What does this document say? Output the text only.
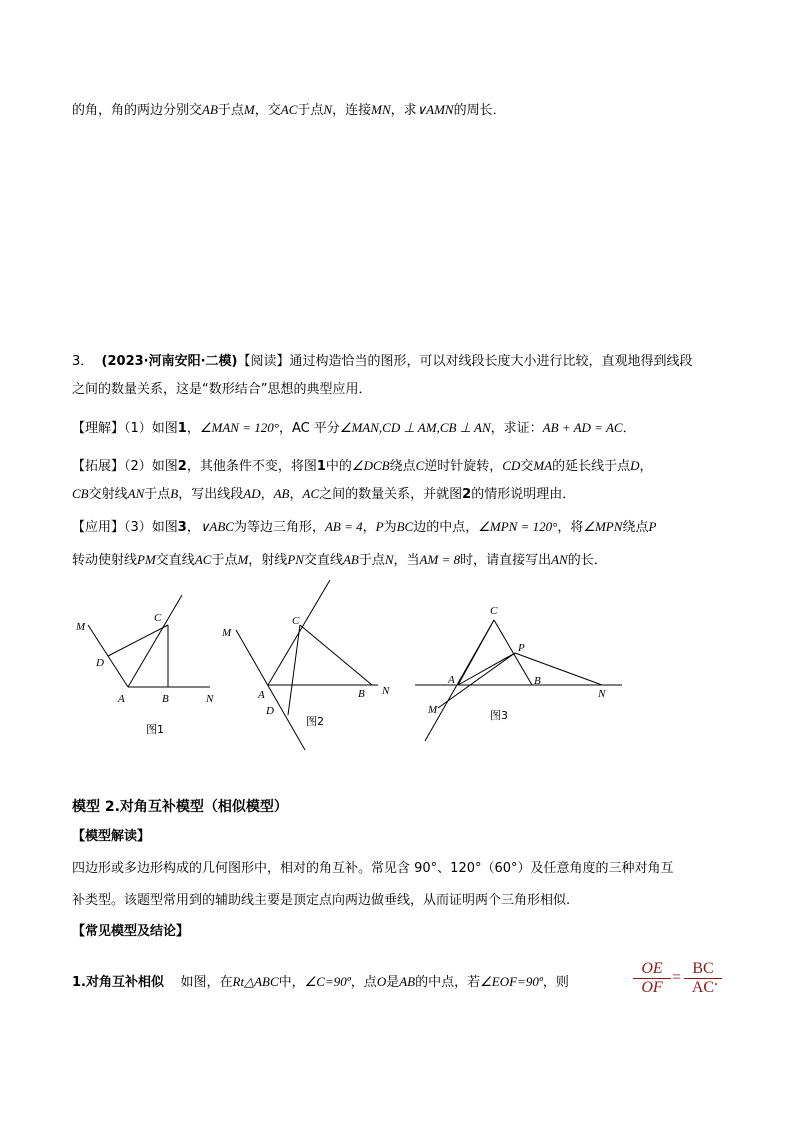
的角，角的两边分别交AB于点M，交AC于点N，连接MN，求∨AMN的周长．
3． (2023·河南安阳·二模)【阅读】通过构造恰当的图形，可以对线段长度大小进行比较，直观地得到线段
之间的数量关系，这是“数形结合”思想的典型应用．
【理解】（1）如图1，∠MAN = 120°，AC 平分∠MAN,CD ⊥ AM,CB ⊥ AN，求证：AB + AD = AC．
【拓展】（2）如图2，其他条件不变，将图1中的∠DCB绕点C逆时针旋转，CD交MA的延长线于点D，
CB交射线AN于点B，写出线段AD，AB，AC之间的数量关系，并就图2的情形说明理由．
【应用】（3）如图3，∨ABC为等边三角形，AB = 4，P为BC边的中点，∠MPN = 120°，将∠MPN绕点P
转动使射线PM交直线AC于点M，射线PN交直线AB于点N，当AM = 8时，请直接写出AN的长．
M
C
D
A	B	N
图1
M
C
A
D
B N
图2
C
P
A	B
N
M	图3
模型 2.对角互补模型（相似模型）
【模型解读】
四边形或多边形构成的几何图形中，相对的角互补。常见含 90°、120°（60°）及任意角度的三种对角互
补类型。该题型常用到的辅助线主要是顶定点向两边做垂线，从而证明两个三角形相似.
【常见模型及结论】
1.对角互补相似 如图，在Rt△ABC中，∠C=90º，点O是AB的中点，若∠EOF=90º，则	$\frac{OE}{OF} = \frac{BC}{AC}$
.
